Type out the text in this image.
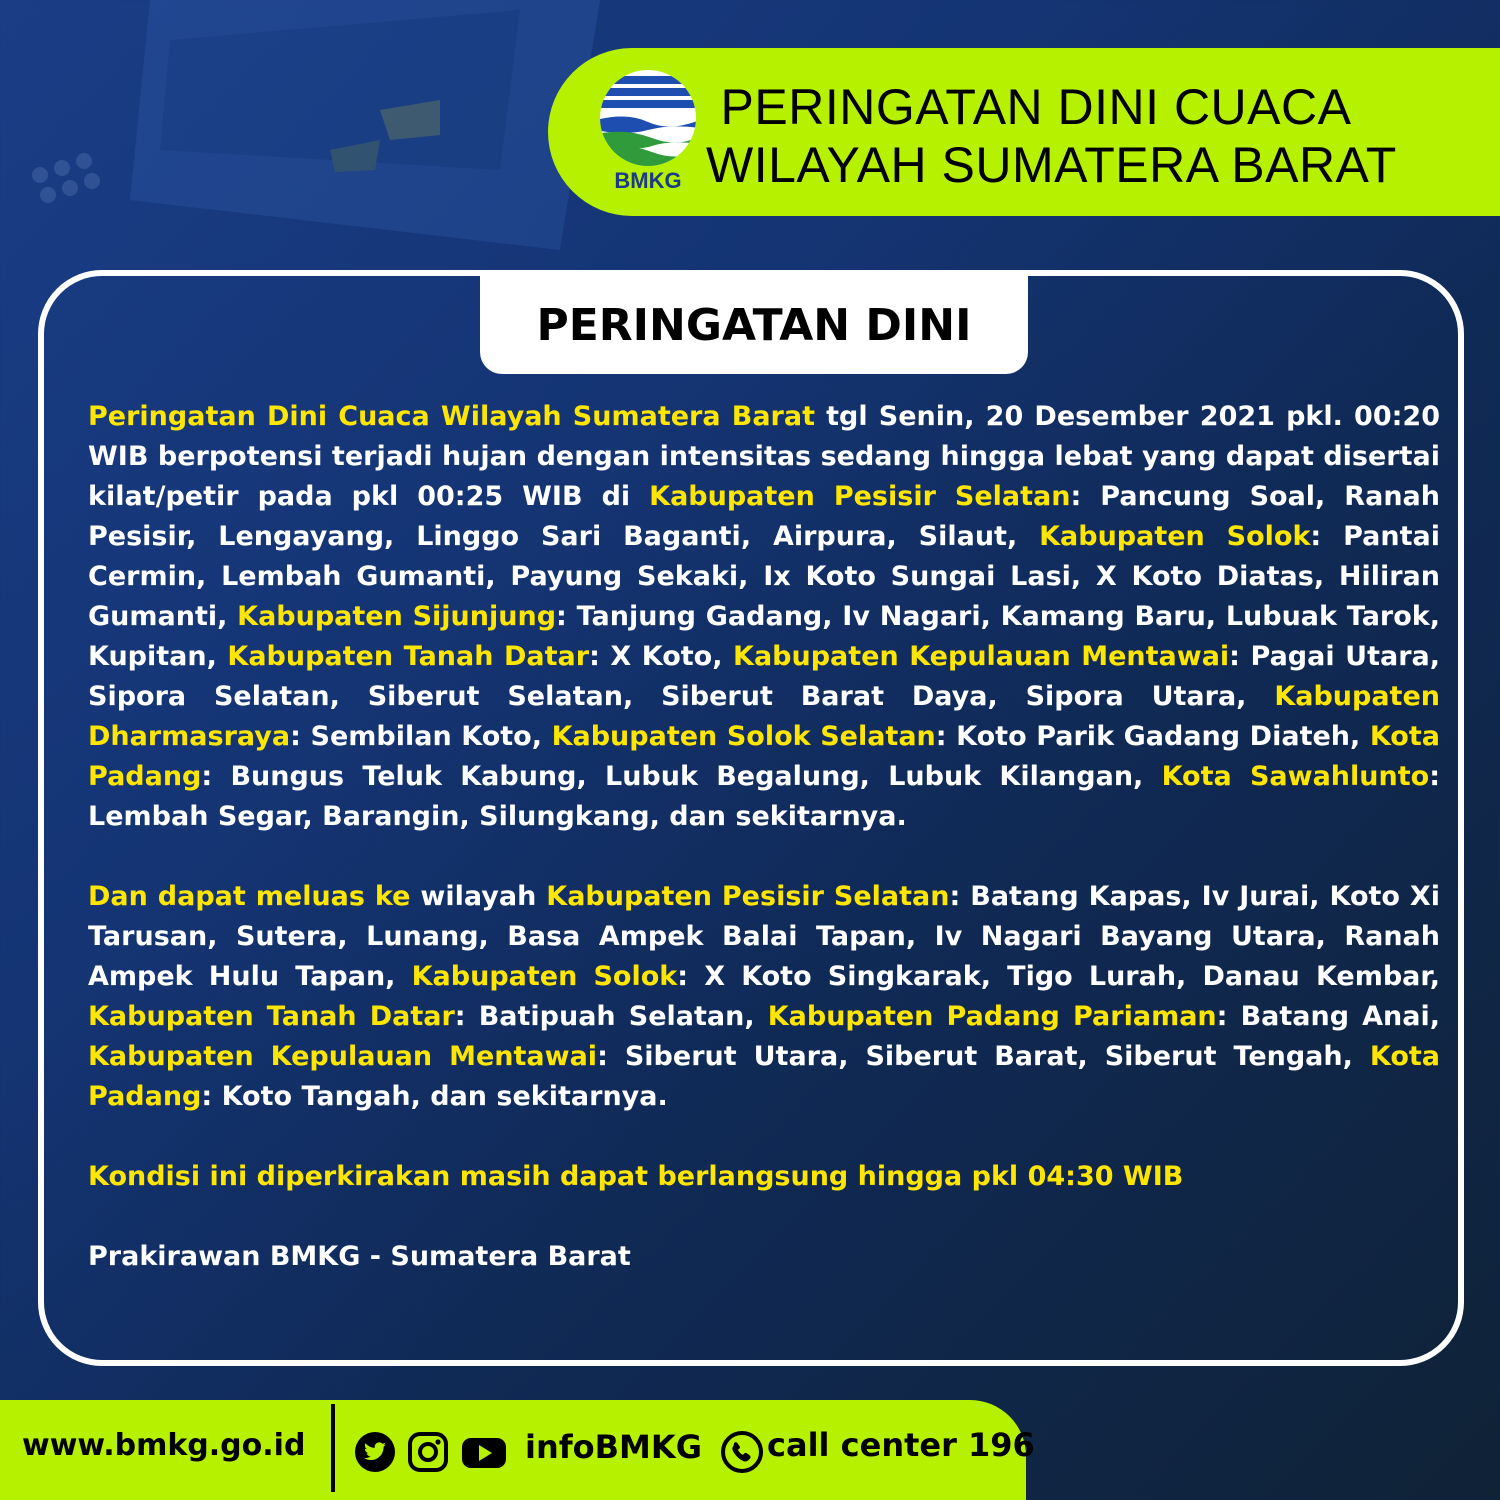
BMKG
PERINGATAN DINI CUACA
WILAYAH SUMATERA BARAT
PERINGATAN DINI

Peringatan Dini Cuaca Wilayah Sumatera Barat tgl Senin, 20 Desember 2021 pkl. 00:20 WIB berpotensi terjadi hujan dengan intensitas sedang hingga lebat yang dapat disertai kilat/petir pada pkl 00:25 WIB di Kabupaten Pesisir Selatan: Pancung Soal, Ranah Pesisir, Lengayang, Linggo Sari Baganti, Airpura, Silaut, Kabupaten Solok: Pantai Cermin, Lembah Gumanti, Payung Sekaki, Ix Koto Sungai Lasi, X Koto Diatas, Hiliran Gumanti, Kabupaten Sijunjung: Tanjung Gadang, Iv Nagari, Kamang Baru, Lubuak Tarok, Kupitan, Kabupaten Tanah Datar: X Koto, Kabupaten Kepulauan Mentawai: Pagai Utara, Sipora Selatan, Siberut Selatan, Siberut Barat Daya, Sipora Utara, Kabupaten Dharmasraya: Sembilan Koto, Kabupaten Solok Selatan: Koto Parik Gadang Diateh, Kota Padang: Bungus Teluk Kabung, Lubuk Begalung, Lubuk Kilangan, Kota Sawahlunto: Lembah Segar, Barangin, Silungkang, dan sekitarnya.

Dan dapat meluas ke wilayah Kabupaten Pesisir Selatan: Batang Kapas, Iv Jurai, Koto Xi Tarusan, Sutera, Lunang, Basa Ampek Balai Tapan, Iv Nagari Bayang Utara, Ranah Ampek Hulu Tapan, Kabupaten Solok: X Koto Singkarak, Tigo Lurah, Danau Kembar, Kabupaten Tanah Datar: Batipuah Selatan, Kabupaten Padang Pariaman: Batang Anai, Kabupaten Kepulauan Mentawai: Siberut Utara, Siberut Barat, Siberut Tengah, Kota Padang: Koto Tangah, dan sekitarnya.

Kondisi ini diperkirakan masih dapat berlangsung hingga pkl 04:30 WIB

Prakirawan BMKG - Sumatera Barat

www.bmkg.go.id	infoBMKG call center 196
